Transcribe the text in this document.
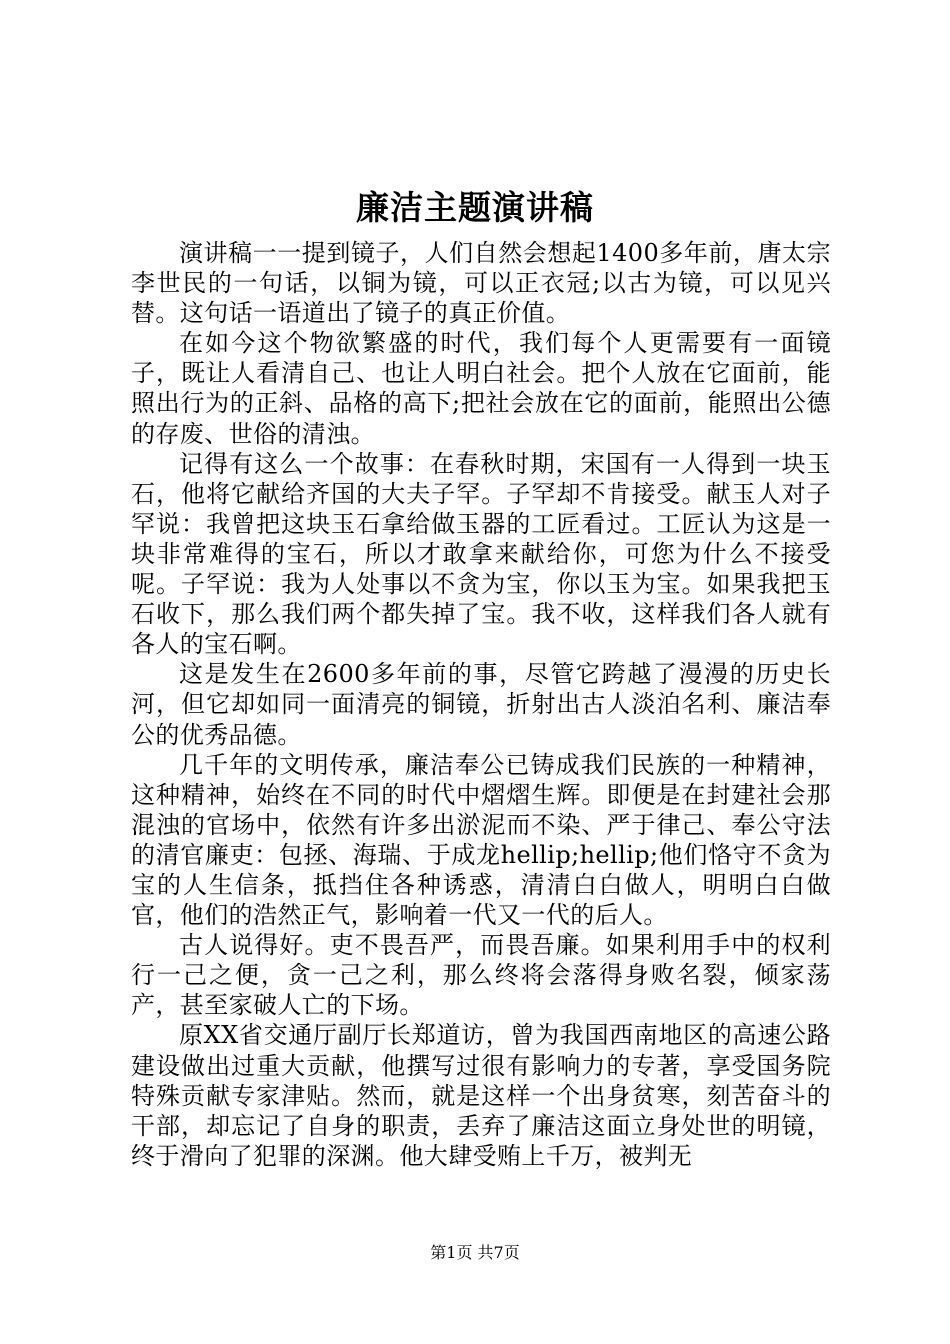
廉洁主题演讲稿

演讲稿一一提到镜子，人们自然会想起1400多年前，唐太宗李世民的一句话，以铜为镜，可以正衣冠;以古为镜，可以见兴替。这句话一语道出了镜子的真正价值。

在如今这个物欲繁盛的时代，我们每个人更需要有一面镜子，既让人看清自己、也让人明白社会。把个人放在它面前，能照出行为的正斜、品格的高下;把社会放在它的面前，能照出公德的存废、世俗的清浊。

记得有这么一个故事：在春秋时期，宋国有一人得到一块玉石，他将它献给齐国的大夫子罕。子罕却不肯接受。献玉人对子罕说：我曾把这块玉石拿给做玉器的工匠看过。工匠认为这是一块非常难得的宝石，所以才敢拿来献给你，可您为什么不接受呢。子罕说：我为人处事以不贪为宝，你以玉为宝。如果我把玉石收下，那么我们两个都失掉了宝。我不收，这样我们各人就有各人的宝石啊。

这是发生在2600多年前的事，尽管它跨越了漫漫的历史长河，但它却如同一面清亮的铜镜，折射出古人淡泊名利、廉洁奉公的优秀品德。

几千年的文明传承，廉洁奉公已铸成我们民族的一种精神，这种精神，始终在不同的时代中熠熠生辉。即便是在封建社会那混浊的官场中，依然有许多出淤泥而不染、严于律己、奉公守法的清官廉吏：包拯、海瑞、于成龙hellip;hellip;他们恪守不贪为宝的人生信条，抵挡住各种诱惑，清清白白做人，明明白白做官，他们的浩然正气，影响着一代又一代的后人。

古人说得好。吏不畏吾严，而畏吾廉。如果利用手中的权利行一己之便，贪一己之利，那么终将会落得身败名裂，倾家荡产，甚至家破人亡的下场。

原XX省交通厅副厅长郑道访，曾为我国西南地区的高速公路建设做出过重大贡献，他撰写过很有影响力的专著，享受国务院特殊贡献专家津贴。然而，就是这样一个出身贫寒，刻苦奋斗的干部，却忘记了自身的职责，丢弃了廉洁这面立身处世的明镜，终于滑向了犯罪的深渊。他大肆受贿上千万，被判无

第1页 共7页
